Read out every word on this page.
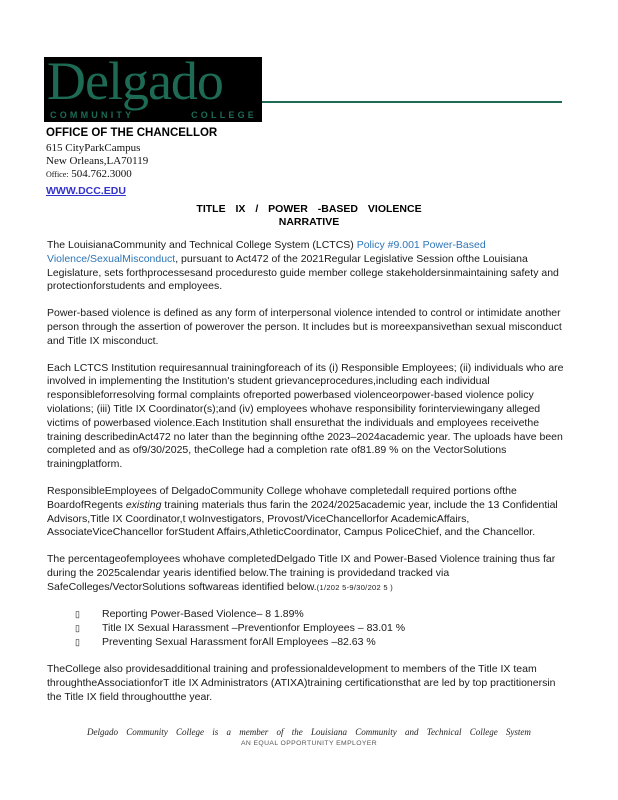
Delgado
COMMUNITY	COLLEGE
OFFICE OF THE CHANCELLOR
615 CityParkCampus
New Orleans,LA70119
Office: 504.762.3000
WWW.DCC.EDU
TITLE IX / POWER -BASED VIOLENCE
NARRATIVE

The LouisianaCommunity and Technical College System (LCTCS) Policy #9.001 Power-Based Violence/SexualMisconduct, pursuant to Act472 of the 2021Regular Legislative Session ofthe Louisiana Legislature, sets forthprocessesand proceduresto guide member college stakeholdersinmaintaining safety and protectionforstudents and employees.

Power-based violence is defined as any form of interpersonal violence intended to control or intimidate another person through the assertion of powerover the person. It includes but is moreexpansivethan sexual misconduct and Title IX misconduct.

Each LCTCS Institution requiresannual trainingforeach of its (i) Responsible Employees; (ii) individuals who are involved in implementing the Institution's student grievanceprocedures,including each individual responsibleforresolving formal complaints ofreported powerbased violenceorpower-based violence policy violations; (iii) Title IX Coordinator(s);and (iv) employees whohave responsibility forinterviewingany alleged victims of powerbased violence.Each Institution shall ensurethat the individuals and employees receivethe training describedinAct472 no later than the beginning ofthe 2023–2024academic year. The uploads have been completed and as of9/30/2025, theCollege had a completion rate of81.89 % on the VectorSolutions trainingplatform.

ResponsibleEmployees of DelgadoCommunity College whohave completedall required portions ofthe BoardofRegents existing training materials thus farin the 2024/2025academic year, include the 13 Confidential Advisors,Title IX Coordinator,t woInvestigators, Provost/ViceChancellorfor AcademicAffairs, AssociateViceChancellor forStudent Affairs,AthleticCoordinator, Campus PoliceChief, and the Chancellor.

The percentageofemployees whohave completedDelgado Title IX and Power-Based Violence training thus far during the 2025calendar yearis identified below.The training is providedand tracked via SafeColleges/VectorSolutions softwareas identified below.(1/202 5-9/30/202 5 )

▯	Reporting Power-Based Violence– 8 1.89%
▯	Title IX Sexual Harassment –Preventionfor Employees – 83.01 %
▯	Preventing Sexual Harassment forAll Employees –82.63 %

TheCollege also providesadditional training and professionaldevelopment to members of the Title IX team throughtheAssociationforT itle IX Administrators (ATIXA)training certificationsthat are led by top practitionersin the Title IX field throughoutthe year.

Delgado Community College is a member of the Louisiana Community and Technical College System
AN EQUAL OPPORTUNITY EMPLOYER
